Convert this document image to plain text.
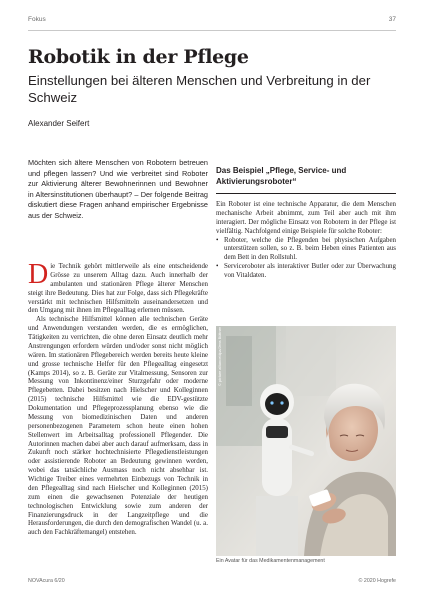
Fokus	37
Robotik in der Pflege
Einstellungen bei älteren Menschen und Verbreitung in der Schweiz
Alexander Seifert
Möchten sich ältere Menschen von Robotern betreuen und pflegen lassen? Und wie verbreitet sind Roboter zur Aktivierung älterer Bewohnerinnen und Bewohner in Altersinstitutionen überhaupt? – Der folgende Beitrag diskutiert diese Fragen anhand empirischer Ergebnisse aus der Schweiz.

Die Technik gehört mittlerweile als eine entscheidende Grösse zu unserem Alltag dazu. Auch innerhalb der ambulanten und stationären Pflege älterer Menschen steigt ihre Bedeutung. Dies hat zur Folge, dass sich Pflegekräfte verstärkt mit technischen Hilfsmitteln auseinandersetzen und den Umgang mit ihnen im Pflegealltag erlernen müssen.

Als technische Hilfsmittel können alle technischen Geräte und Anwendungen verstanden werden, die es ermöglichen, Tätigkeiten zu verrichten, die ohne deren Einsatz deutlich mehr Anstrengungen erfordern würden und/oder sonst nicht möglich wären. Im stationären Pflegebereich werden bereits heute kleine und grosse technische Helfer für den Pflegealltag eingesetzt (Kamps 2014), so z. B. Geräte zur Vitalmessung, Sensoren zur Messung von Inkontinenz/einer Sturzgefahr oder moderne Pflegebetten. Dabei besitzen nach Hielscher und Kolleginnen (2015) technische Hilfsmittel wie die EDV-gestützte Dokumentation und Pflegeprozessplanung ebenso wie die Messung von biomedizinischen Daten und anderen personenbezogenen Parametern schon heute einen hohen Stellenwert im Arbeitsalltag professionell Pflegender. Die Autorinnen machen dabei aber auch darauf aufmerksam, dass in Zukunft noch stärker hochtechnisierte Pflegedienstleistungen oder assistierende Roboter an Bedeutung gewinnen werden, wobei das tatsächliche Ausmass noch nicht absehbar ist. Wichtige Treiber eines vermehrten Einbezugs von Technik in den Pflegealltag sind nach Hielscher und Kolleginnen (2015) zum einen die gewachsenen Potenziale der heutigen technologischen Entwicklung sowie zum anderen der Finanzierungsdruck in der Langzeitpflege und die Herausforderungen, die durch den demografischen Wandel (u. a. auch den Fachkräftemangel) entstehen.

Das Beispiel „Pflege, Service- und Aktivierungsroboter“

Ein Roboter ist eine technische Apparatur, die dem Menschen mechanische Arbeit abnimmt, zum Teil aber auch mit ihm interagiert. Der mögliche Einsatz von Robotern in der Pflege ist vielfältig. Nachfolgend einige Beispiele für solche Roboter:

• Roboter, welche die Pflegenden bei physischen Aufgaben unterstützen sollen, so z. B. beim Heben eines Patienten aus dem Bett in den Rollstuhl.
• Serviceroboter als interaktiver Butler oder zur Überwachung von Vitaldaten.
© picture alliance/dpa/Jens Büttner
Ein Avatar für das Medikamentenmanagement
NOVAcura 6/20	© 2020 Hogrefe
